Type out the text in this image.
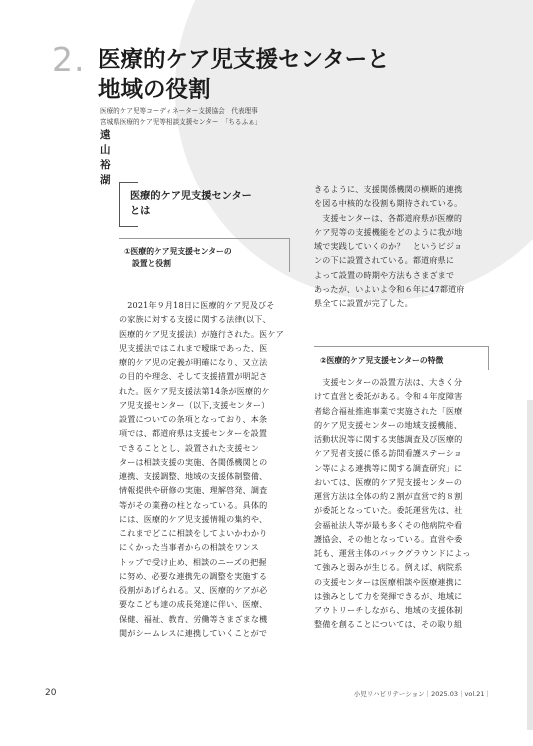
2. 医療的ケア児支援センターと
地域の役割
医療的ケア児等コーディネーター支援協会　代表理事
宮城県医療的ケア児等相談支援センター　「ちるふぁ」
遠山 裕湖
医療的ケア児支援センター
とは
①医療的ケア児支援センターの
設置と役割
②医療的ケア児支援センターの特徴

　2021年９月18日に医療的ケア児及びそ

の家族に対する支援に関する法律(以下、

医療的ケア児支援法）が施行された。医ケア

児支援法ではこれまで曖昧であった、医

療的ケア児の定義が明確になり、又立法

の目的や理念、そして支援措置が明記さ

れた。医ケア児支援法第14条が医療的ケ

ア児支援センター（以下,支援センター）

設置についての条項となっており、本条

項では、都道府県は支援センターを設置

できることとし、設置された支援セン

ターは相談支援の実施、各関係機関との

連携、支援調整、地域の支援体制整備、

情報提供や研修の実施、理解啓発、調査

等がその業務の柱となっている。具体的

には、医療的ケア児支援情報の集約や、

これまでどこに相談をしてよいかわかり

にくかった当事者からの相談をワンス

トップで受け止め、相談のニーズの把握

に努め、必要な連携先の調整を実施する

役割があげられる。又、医療的ケアが必

要なこども達の成長発達に伴い、医療、

保健、福祉、教育、労働等さまざまな機

関がシームレスに連携していくことがで

きるように、支援関係機関の横断的連携

を図る中核的な役割も期待されている。

　支援センターは、各都道府県が医療的

ケア児等の支援機能をどのように我が地

域で実践していくのか？　というビジョ

ンの下に設置されている。都道府県に

よって設置の時期や方法もさまざまで

あったが、いよいよ令和６年に47都道府

県全てに設置が完了した。

　支援センターの設置方法は、大きく分

けて直営と委託がある。令和４年度障害

者総合福祉推進事業で実施された「医療

的ケア児支援センターの地域支援機能、

活動状況等に関する実態調査及び医療的

ケア児者支援に係る訪問看護ステーショ

ン等による連携等に関する調査研究」に

おいては、医療的ケア児支援センターの

運営方法は全体の約２割が直営で約８割

が委託となっていた。委託運営先は、社

会福祉法人等が最も多くその他病院や看

護協会、その他となっている。直営や委

託も、運営主体のバックグラウンドによっ

て強みと弱みが生じる。例えば、病院系

の支援センターは医療相談や医療連携に

は強みとして力を発揮できるが、地域に

アウトリーチしながら、地域の支援体制

整備を創ることについては、その取り組

20	小児リハビリテーション｜2025.03｜vol.21｜
